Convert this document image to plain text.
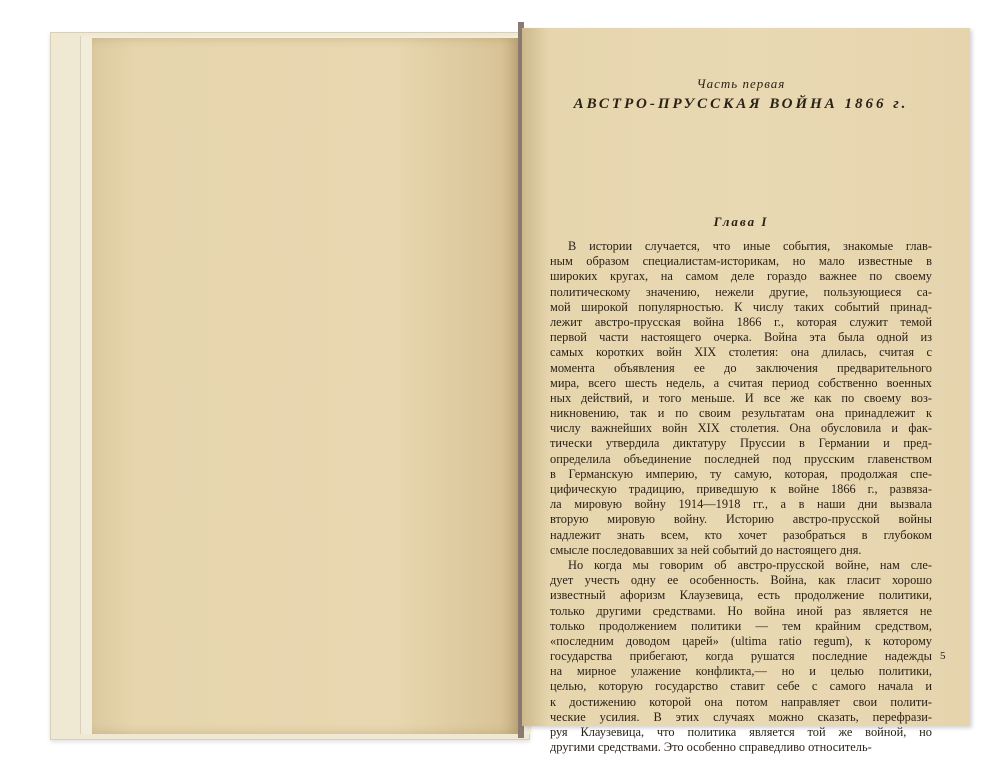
Часть первая
АВСТРО-ПРУССКАЯ ВОЙНА 1866 г.
Глава I
В истории случается, что иные события, знакомые глав-
ным образом специалистам-историкам, но мало известные в
широких кругах, на самом деле гораздо важнее по своему
политическому значению, нежели другие, пользующиеся са-
мой широкой популярностью. К числу таких событий принад-
лежит австро-прусская война 1866 г., которая служит темой
первой части настоящего очерка. Война эта была одной из
самых коротких войн XIX столетия: она длилась, считая с
момента объявления ее до заключения предварительного
мира, всего шесть недель, а считая период собственно военных
ных действий, и того меньше. И все же как по своему воз-
никновению, так и по своим результатам она принадлежит к
числу важнейших войн XIX столетия. Она обусловила и фак-
тически утвердила диктатуру Пруссии в Германии и пред-
определила объединение последней под прусским главенством
в Германскую империю, ту самую, которая, продолжая спе-
цифическую традицию, приведшую к войне 1866 г., развяза-
ла мировую войну 1914—1918 гг., а в наши дни вызвала
вторую мировую войну. Историю австро-прусской войны
надлежит знать всем, кто хочет разобраться в глубоком
смысле последовавших за ней событий до настоящего дня.
Но когда мы говорим об австро-прусской войне, нам сле-
дует учесть одну ее особенность. Война, как гласит хорошо
известный афоризм Клаузевица, есть продолжение политики,
только другими средствами. Но война иной раз является не
только продолжением политики — тем крайним средством,
«последним доводом царей» (ultima ratio regum), к которому
государства прибегают, когда рушатся последние надежды
на мирное улажение конфликта,— но и целью политики,
целью, которую государство ставит себе с самого начала и
к достижению которой она потом направляет свои полити-
ческие усилия. В этих случаях можно сказать, перефрази-
руя Клаузевица, что политика является той же войной, но
другими средствами. Это особенно справедливо относитель-
5
